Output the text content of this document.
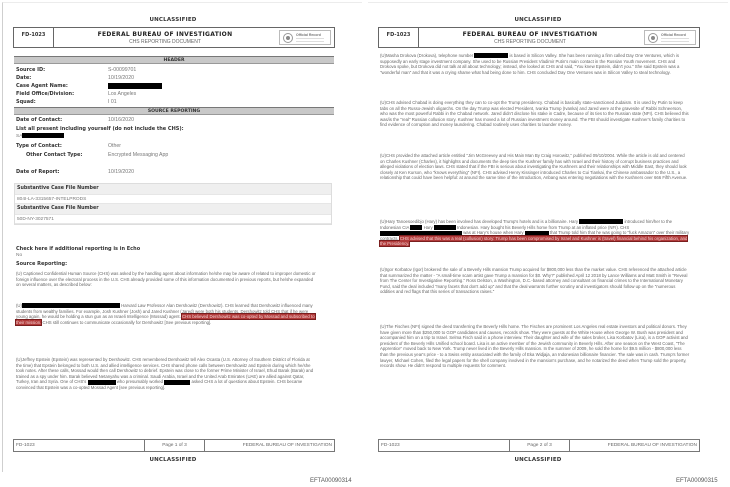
UNCLASSIFIED
FD-1023	FEDERAL BUREAU OF INVESTIGATION
CHS REPORTING DOCUMENT
Official Record
HEADER
Source ID:	S-00099701
Date:	10/19/2020
Case Agent Name:
Field Office/Division:	Los Angeles
Squad:	I 01
SOURCE REPORTING
Date of Contact:	10/16/2020
List all present including yourself (do not include the CHS):
SA
Type of Contact:	Other
Other Contact Type:	Encrypted Messaging App
Date of Report:	10/19/2020
Substantive Case File Number
804I-LA-3315657-INTELPRODS
Substantive Case File Number
50D-NY-3027571
Check here if additional reporting is in Echo
No
Source Reporting:
(U) Captioned Confidential Human Source (CHS) was asked by the handling agent about information he/she may be aware of related to improper domestic or foreign influence over the electoral process in the U.S. CHS already provided some of this information documented in previous reports, but he/she expanded on several matters, as described below:
(U)	Harvard Law Professor Alan Dershowitz (Dershowitz). CHS learned that Dershowitz influenced many students from wealthy families. For example, Josh Kushner (Josh) and Jared Kushner (Jared) were both his students. Dershowitz told CHS that if he were young again, he would be holding a stun gun as an Israeli Intelligence (Mossad) agent. CHS believed Dershowitz was co-opted by Mossad and subscribed to their mission. CHS still continues to communicate occasionally for Dershowitz [See previous reporting].
(U)Jeffrey Epstein (Epstein) was represented by Dershowitz. CHS remembered Dershowitz tell Alex Ocasta (U.S. Attorney of Southern District of Florida at the time) that Epstein belonged to both U.S. and allied intelligence services. CHS shared phone calls between Dershowitz and Epstein during which he/she took notes. After these calls, Mossad would then call Dershowitz to debrief. Epstein was close to the former Prime Minister of Israel, Ehud Barak (Barak) and trained as a spy under him. Barak believed Netanyahu was a criminal. Saudi Arabia, Israel and the United Arab Emirates (UAE) are allied against Qatar, Turkey, Iran and Syria. One of CHS's	who presumably worked	asked CHS a lot of questions about Epstein. CHS became convinced that Epstein was a co-opted Mossad Agent [see previous reporting].
FD-1023	Page 1 of 3	FEDERAL BUREAU OF INVESTIGATION
UNCLASSIFIED
EFTA00090314
UNCLASSIFIED
FD-1023	FEDERAL BUREAU OF INVESTIGATION
CHS REPORTING DOCUMENT
Official Record
(U)Masha Drokova (Drokova), telephone number	is based in Silicon Valley. She has been running a firm called Day One Ventures, which is supposedly an early stage investment company. She used to be Russian President Vladimir Putin's main contact in the Russian Youth movement. CHS and Drokova spoke, but Drokova did not talk at all about technology; instead, she looked at CHS and said, "You knew Epstein, didn't you." She said Epstein was a "wonderful man" and that it was a crying shame what had being done to him. CHS concluded Day One Ventures was in Silicon Valley to steal technology.
(U)CHS advised Chabad is doing everything they can to co-opt the Trump presidency. Chabad is basically state-sanctioned Judaism. It is used by Putin to keep tabs on all the Russo-Jewish oligarchs. On the day Trump was elected President, Ivanka Trump (Ivanka) and Jared were at the gravesite of Rabbi Schneerson, who was the most powerful Rabbi in the Chabad network. Jared didn't disclose his stake in Cadre, because of its ties to the Russian state (NFI). CHS believed this was/is the "real" Russian collusion story. Kushner has moved a lot of Russian investment money around. The FBI should investigate Kushner's family charities to find evidence of corruption and money laundering. Chabad routinely uses charities to launder money.
(U)CHS provided the attached article entitled "Jim McGreevey and His Main Man By Craig Horowitz," published 09/10/2004. While the article is old and centered on Charles Kushner (Charles), it highlights and documents the deep ties the Kushner family has with Israel and their history of corrupt business practices and alleged violations of election laws. CHS stated that if the FBI is serious about investigating the Kushners and their relationships with Middle East, they should look closely at Ken Kurson, who "knows everything" (NFI). CHS advised Henry Kissinger introduced Charles to Cui Tiankai, the Chinese ambassador to the U.S., a relationship that could have been helpful: at around the same time of the introduction, Anbang was entering negotiations with the Kushners over 666 Fifth Avenue.
(U)Hary Tanoesoedibjo (Hary) has been involved has developed Trump's hotels and is a billionaire. Hary	introduced him/her to the Indonesian CIA	Hary	Indonesian. Hary bought his Beverly Hills home from Trump at an inflated price (NFI). CHS  was at Hary's house when Hary	that Trump told him that he was going to "fuck Amazon" over their military contracts. CHS advised that this was a real (collusion) story: Trump has been compromised by Israel and Kushner is (travel) financial behind his organization, and the Presidency.
(U)Igor Korbatov (Igor) brokered the sale of a Beverly Hills mansion Trump acquired for $800,000 less than the market value. CHS referenced the attached article that summarized the matter - "A small-time scam artist gave Trump a mansion for $0. Why?" published April 12 2018 by Lance Williams and Matt Smith in "Reveal from The Center for Investigative Reporting." Ross Delston, a Washington, D.C.-based attorney and consultant on financial crimes to the International Monetary Fund, said the deal included "many facets that don't add up" and that the deal warrants further scrutiny and investigators should follow up on the "numerous oddities and red flags that this series of transactions raises."
(U)The Fisches (NFI) signed the deed transferring the Beverly Hills home. The Fisches are prominent Los Angeles real estate investors and political donors. They have given more than $250,000 to GOP candidates and causes, records show. They were guests at the White House when George W. Bush was president and accompanied him on a trip to Israel. Selma Fisch said in a phone interview. Their daughter and wife of the sales broker, Lisa Korbatov (Lisa), is a GOP activist and president of the Beverly Hills Unified school board. Lisa is an active member of the Jewish community in Beverly Hills. After one season on the West Coast, "The Apprentice" moved back to New York. Trump never lived in the Beverly Hills mansion. In the summer of 2009, he sold the home for $9.5 million - $800,000 less than the previous year's price - to a Swiss entity associated with the family of Eka Widjaja, an Indonesian billionaire financier. The sale was in cash. Trump's former lawyer, Michael Cohen, filed the legal papers for the shell company involved in the mansion's purchase, and he notarized the deed when Trump sold the property, records show. He didn't respond to multiple requests for comment.
FD-1023	Page 2 of 3	FEDERAL BUREAU OF INVESTIGATION
UNCLASSIFIED
EFTA00090315
